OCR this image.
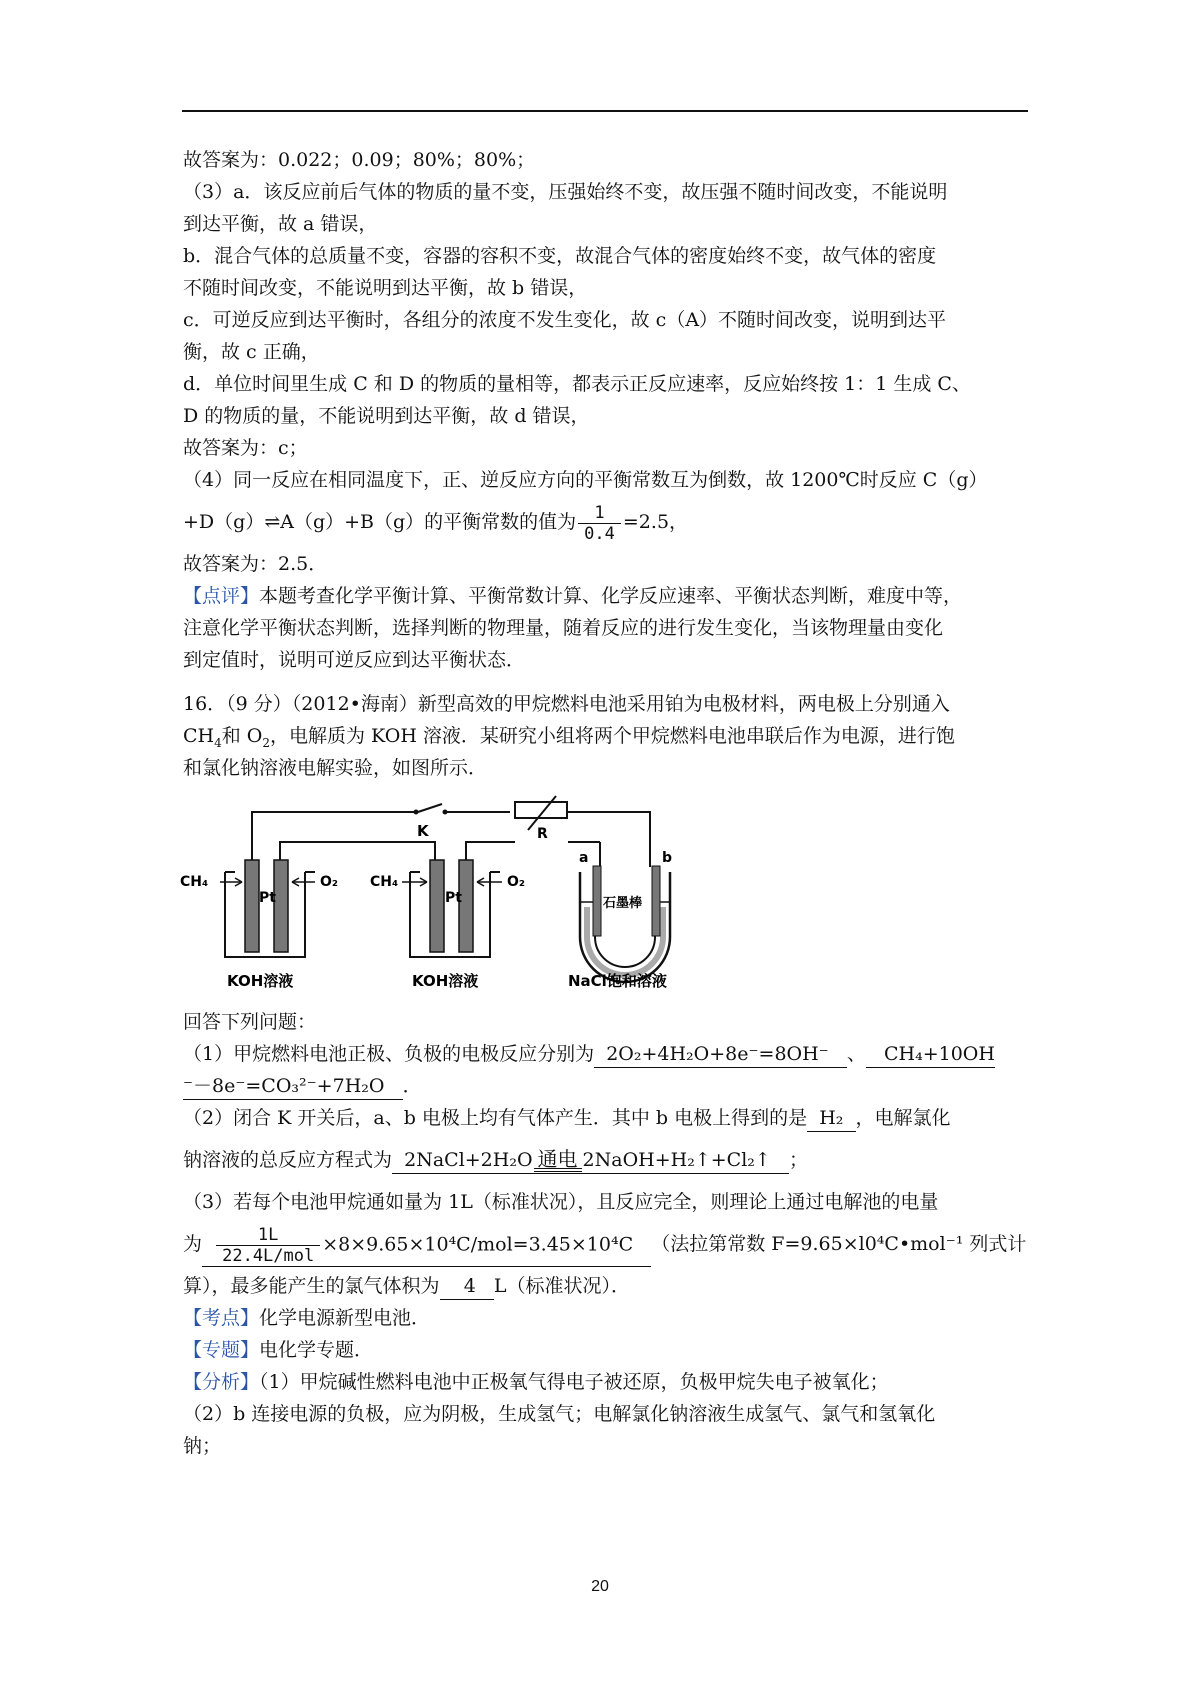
故答案为：0.022；0.09；80%；80%；
（3）a．该反应前后气体的物质的量不变，压强始终不变，故压强不随时间改变，不能说明
到达平衡，故 a 错误，
b．混合气体的总质量不变，容器的容积不变，故混合气体的密度始终不变，故气体的密度
不随时间改变，不能说明到达平衡，故 b 错误，
c．可逆反应到达平衡时，各组分的浓度不发生变化，故 c（A）不随时间改变，说明到达平
衡，故 c 正确，
d．单位时间里生成 C 和 D 的物质的量相等，都表示正反应速率，反应始终按 1：1 生成 C、
D 的物质的量，不能说明到达平衡，故 d 错误，
故答案为：c；
（4）同一反应在相同温度下，正、逆反应方向的平衡常数互为倒数，故 1200℃时反应 C（g）
+D（g）⇌A（g）+B（g）的平衡常数的值为 $\frac{1}{0.4} =2.5$，
故答案为：2.5．
【点评】本题考查化学平衡计算、平衡常数计算、化学反应速率、平衡状态判断，难度中等，
注意化学平衡状态判断，选择判断的物理量，随着反应的进行发生变化，当该物理量由变化
到定值时，说明可逆反应到达平衡状态．
16．（9 分）（2012•海南）新型高效的甲烷燃料电池采用铂为电极材料，两电极上分别通入
$CH_4$和 $O_2$，电解质为 KOH 溶液．某研究小组将两个甲烷燃料电池串联后作为电源，进行饱
和氯化钠溶液电解实验，如图所示．
K	R
CH₄	O₂
Pt
KOH溶液
CH₄	O₂
Pt
KOH溶液
a	b
石墨棒
NaCl饱和溶液
回答下列问题：
（1）甲烷燃料电池正极、负极的电极反应分别为 2O₂+4H₂O+8e⁻=8OH⁻ 、 CH₄+10OH
⁻－8e⁻=CO₃²⁻+7H₂O ．
（2）闭合 K 开关后，a、b 电极上均有气体产生．其中 b 电极上得到的是 H₂ ，电解氯化
钠溶液的总反应方程式为 2NaCl+2H₂O 通电 2NaOH+H₂↑+Cl₂↑ ；
（3）若每个电池甲烷通如量为 1L（标准状况），且反应完全，则理论上通过电解池的电量
为 $\frac{1L}{\text{22.4L/mol}} \times 8\times 9.65\times 10^4C/mol=3.45\times 10^4C$ （法拉第常数 F=9.65×l0⁴C•mol⁻¹ 列式计
算），最多能产生的氯气体积为 4 L（标准状况）．
【考点】化学电源新型电池．
【专题】电化学专题．
【分析】（1）甲烷碱性燃料电池中正极氧气得电子被还原，负极甲烷失电子被氧化；
（2）b 连接电源的负极，应为阴极，生成氢气；电解氯化钠溶液生成氢气、氯气和氢氧化
钠；
20
